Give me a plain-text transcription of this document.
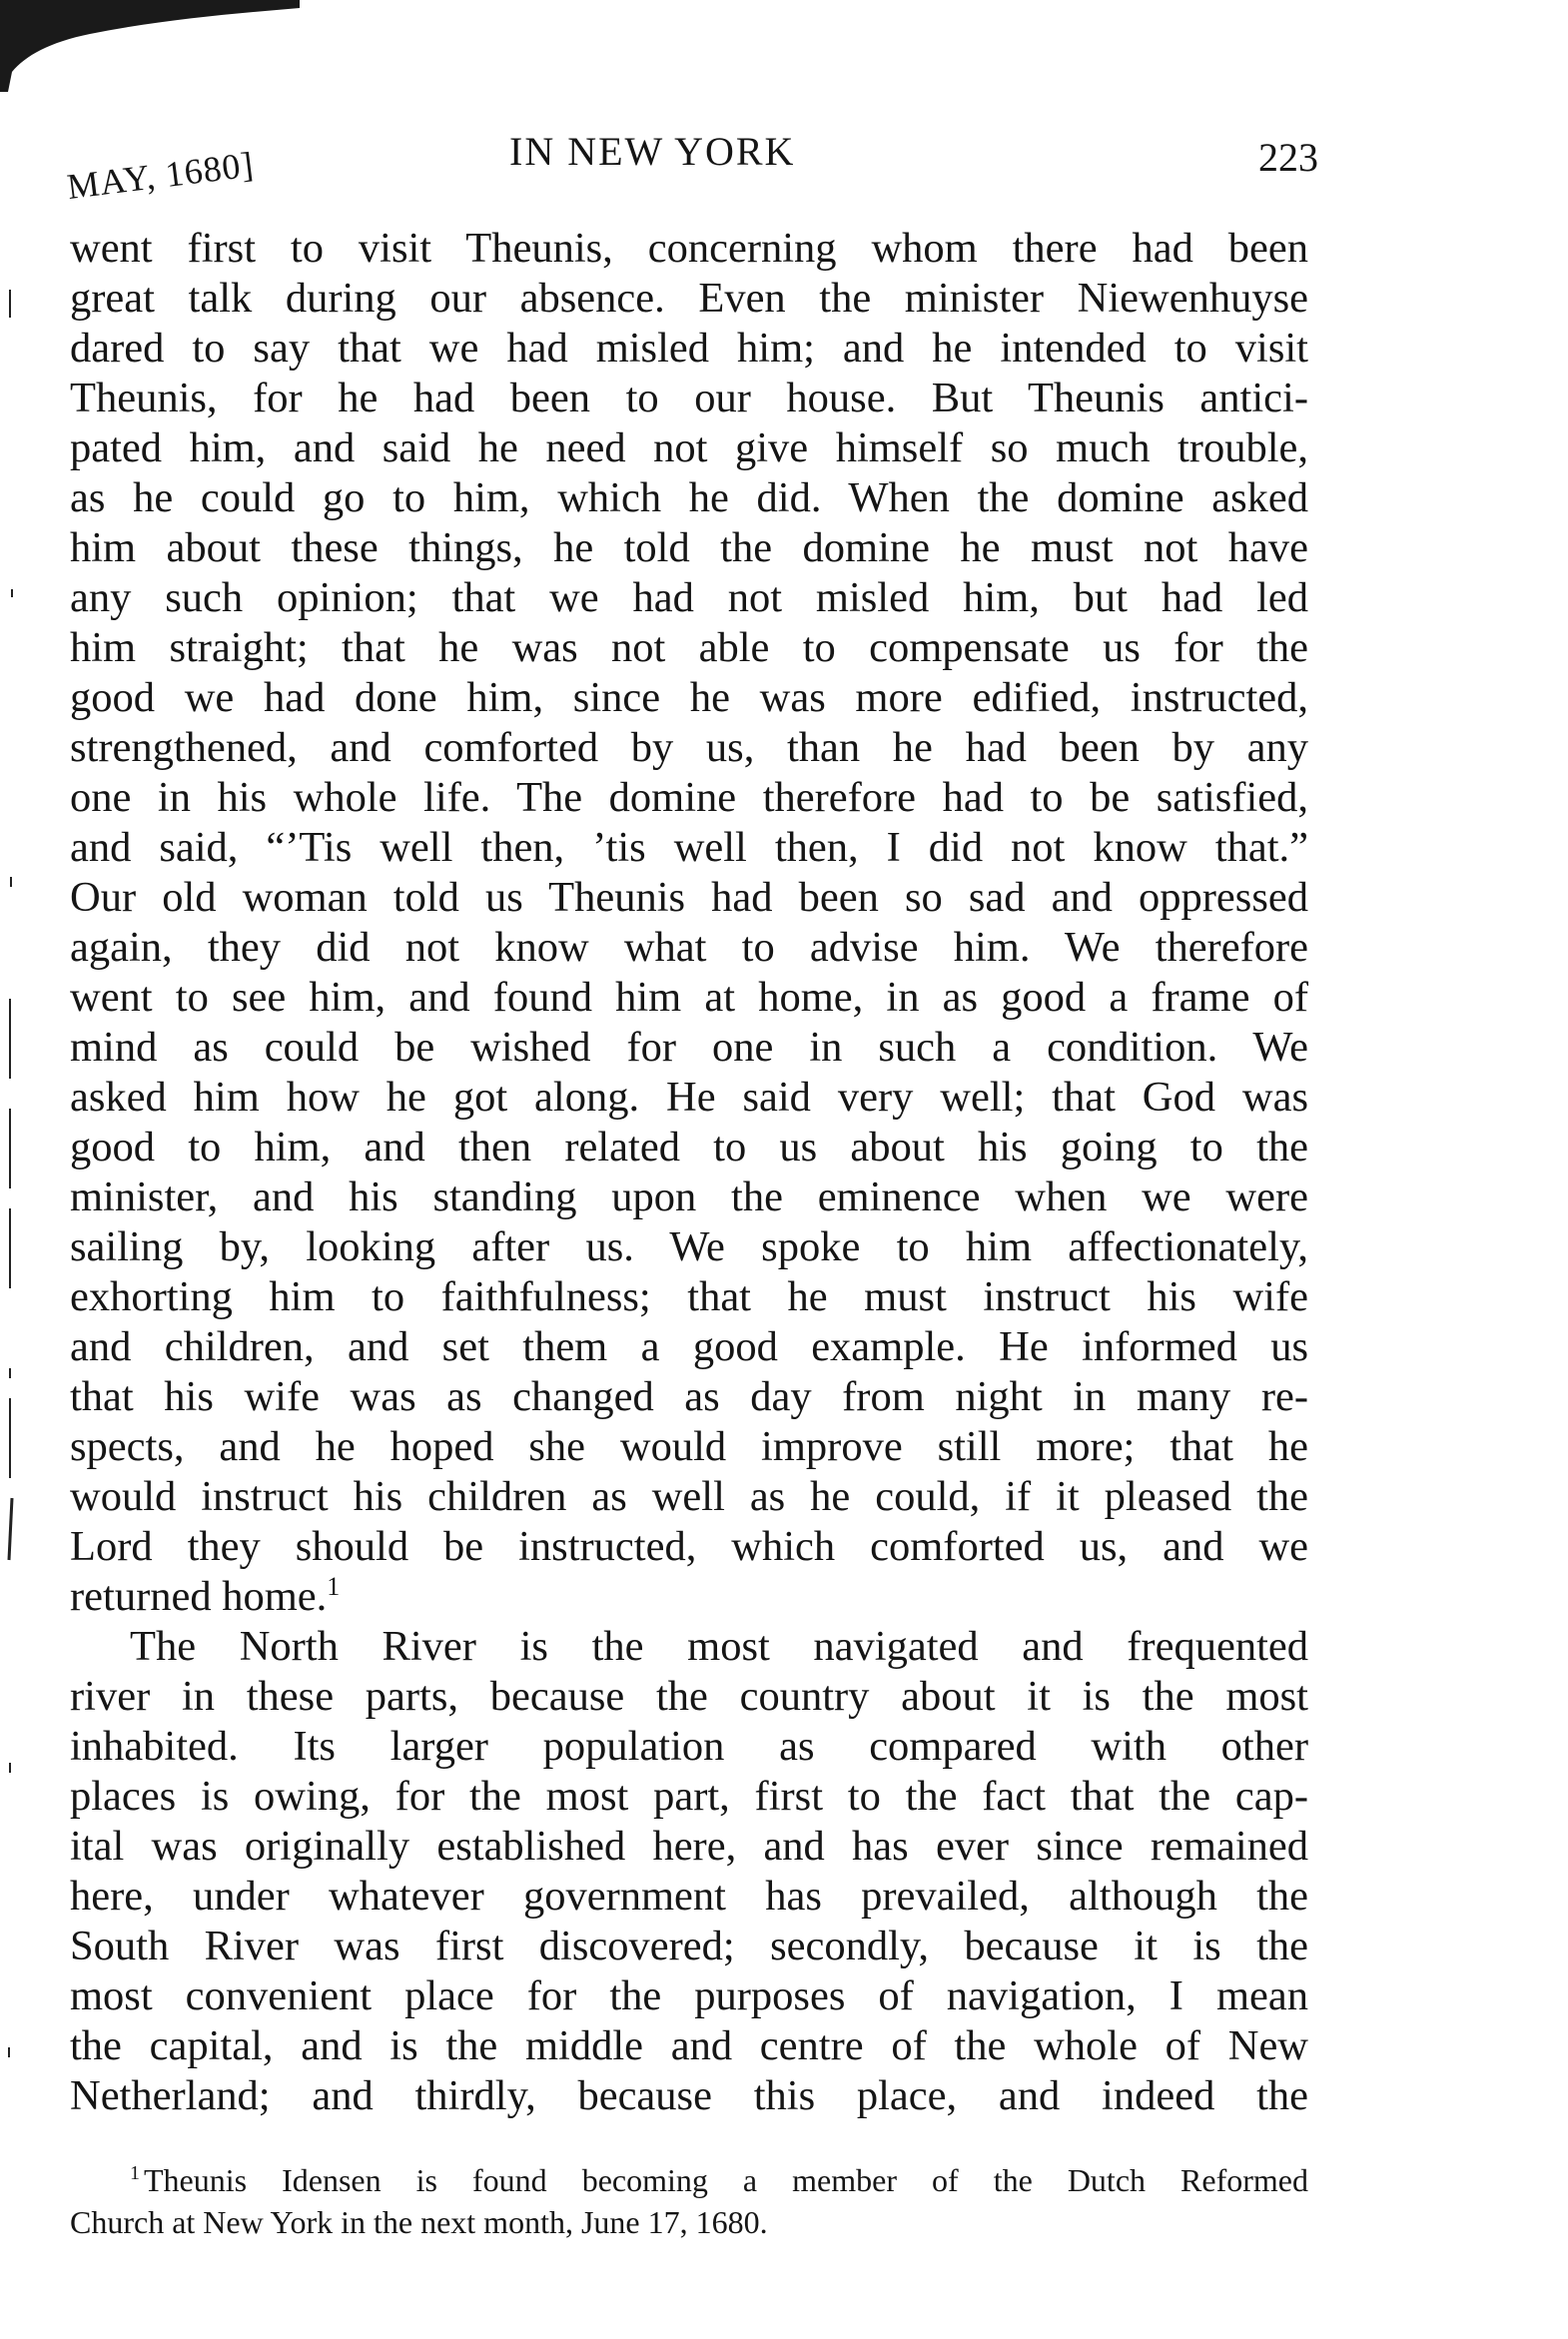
MAY, 1680]	IN NEW YORK	223
went first to visit Theunis, concerning whom there had been
great talk during our absence. Even the minister Niewenhuyse
dared to say that we had misled him; and he intended to visit
Theunis, for he had been to our house. But Theunis antici-
pated him, and said he need not give himself so much trouble,
as he could go to him, which he did. When the domine asked
him about these things, he told the domine he must not have
any such opinion; that we had not misled him, but had led
him straight; that he was not able to compensate us for the
good we had done him, since he was more edified, instructed,
strengthened, and comforted by us, than he had been by any
one in his whole life. The domine therefore had to be satisfied,
and said, “’Tis well then, ’tis well then, I did not know that.”
Our old woman told us Theunis had been so sad and oppressed
again, they did not know what to advise him. We therefore
went to see him, and found him at home, in as good a frame of
mind as could be wished for one in such a condition. We
asked him how he got along. He said very well; that God was
good to him, and then related to us about his going to the
minister, and his standing upon the eminence when we were
sailing by, looking after us. We spoke to him affectionately,
exhorting him to faithfulness; that he must instruct his wife
and children, and set them a good example. He informed us
that his wife was as changed as day from night in many re-
spects, and he hoped she would improve still more; that he
would instruct his children as well as he could, if it pleased the
Lord they should be instructed, which comforted us, and we
returned home.$^1$
The North River is the most navigated and frequented
river in these parts, because the country about it is the most
inhabited. Its larger population as compared with other
places is owing, for the most part, first to the fact that the cap-
ital was originally established here, and has ever since remained
here, under whatever government has prevailed, although the
South River was first discovered; secondly, because it is the
most convenient place for the purposes of navigation, I mean
the capital, and is the middle and centre of the whole of New
Netherland; and thirdly, because this place, and indeed the
$^1$ Theunis Idensen is found becoming a member of the Dutch Reformed
Church at New York in the next month, June 17, 1680.
